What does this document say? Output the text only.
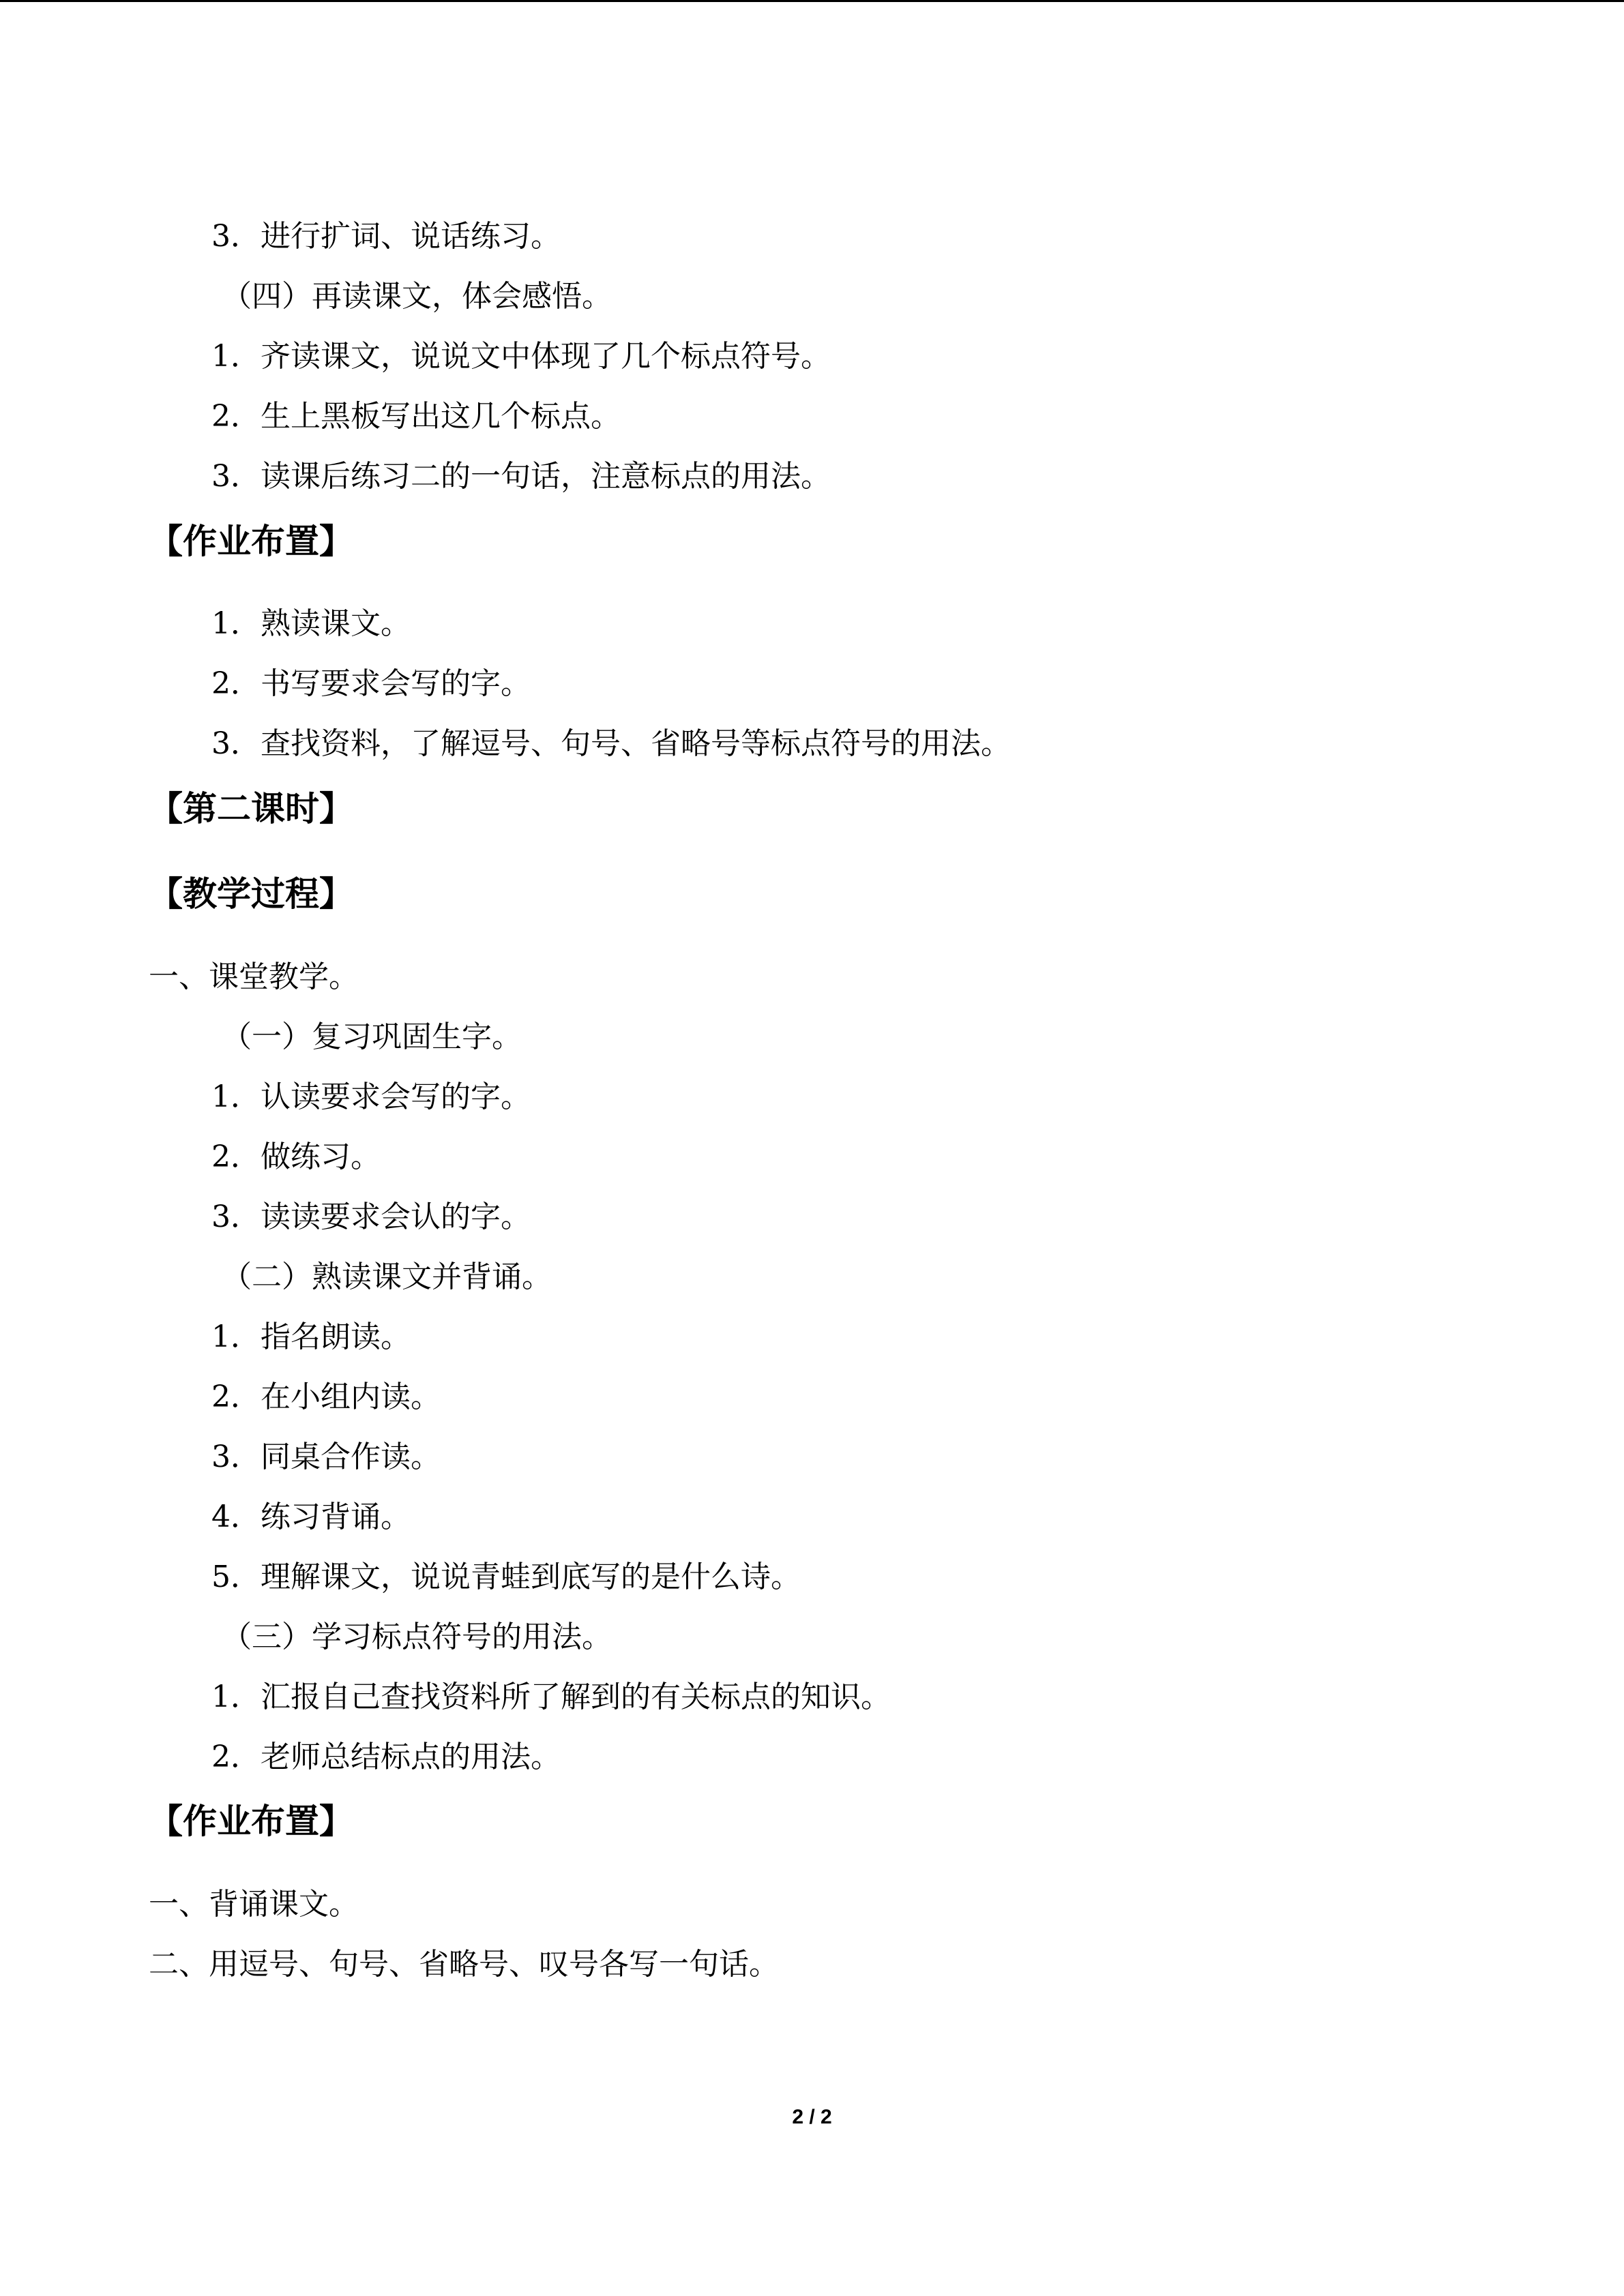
3．进行扩词、说话练习。
（四）再读课文，体会感悟。
1．齐读课文，说说文中体现了几个标点符号。
2．生上黑板写出这几个标点。
3．读课后练习二的一句话，注意标点的用法。
【作业布置】
1．熟读课文。
2．书写要求会写的字。
3．查找资料，了解逗号、句号、省略号等标点符号的用法。
【第二课时】
【教学过程】
一、课堂教学。
（一）复习巩固生字。
1．认读要求会写的字。
2．做练习。
3．读读要求会认的字。
（二）熟读课文并背诵。
1．指名朗读。
2．在小组内读。
3．同桌合作读。
4．练习背诵。
5．理解课文，说说青蛙到底写的是什么诗。
（三）学习标点符号的用法。
1．汇报自己查找资料所了解到的有关标点的知识。
2．老师总结标点的用法。
【作业布置】
一、背诵课文。
二、用逗号、句号、省略号、叹号各写一句话。
2 / 2
